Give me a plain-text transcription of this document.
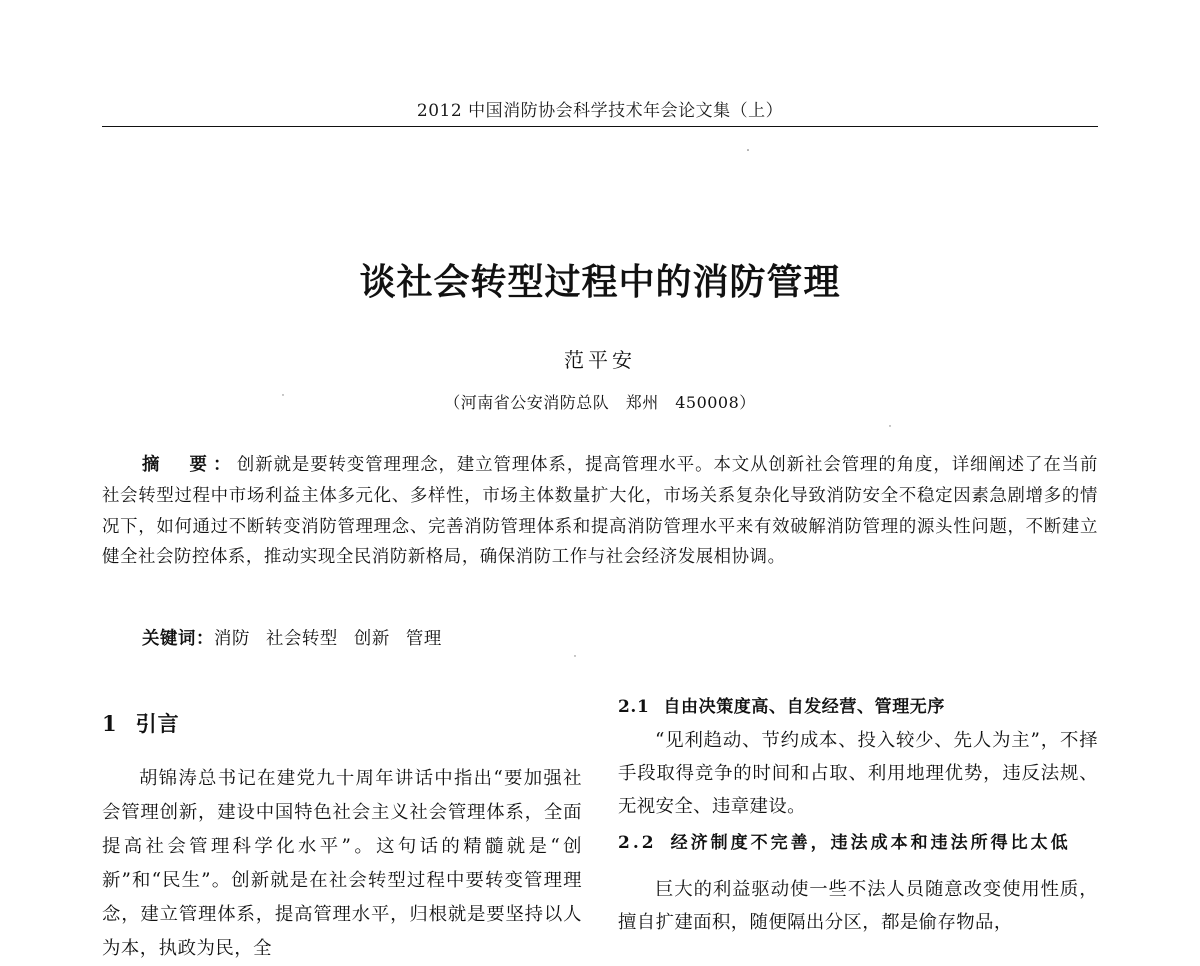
2012 中国消防协会科学技术年会论文集（上）
谈社会转型过程中的消防管理
范平安
（河南省公安消防总队　郑州　450008）
摘　要：创新就是要转变管理理念，建立管理体系，提高管理水平。本文从创新社会管理的角度，详细阐述了在当前社会转型过程中市场利益主体多元化、多样性，市场主体数量扩大化，市场关系复杂化导致消防安全不稳定因素急剧增多的情况下，如何通过不断转变消防管理理念、完善消防管理体系和提高消防管理水平来有效破解消防管理的源头性问题，不断建立健全社会防控体系，推动实现全民消防新格局，确保消防工作与社会经济发展相协调。
关键词：消防 社会转型 创新 管理
1 引言
胡锦涛总书记在建党九十周年讲话中指出“要加强社会管理创新，建设中国特色社会主义社会管理体系，全面提高社会管理科学化水平”。这句话的精髓就是“创新”和“民生”。创新就是在社会转型过程中要转变管理理念，建立管理体系，提高管理水平，归根就是要坚持以人为本，执政为民，全
2.1 自由决策度高、自发经营、管理无序
“见利趋动、节约成本、投入较少、先人为主”，不择手段取得竞争的时间和占取、利用地理优势，违反法规、无视安全、违章建设。
2.2 经济制度不完善，违法成本和违法所得比太低
巨大的利益驱动使一些不法人员随意改变使用性质，擅自扩建面积，随便隔出分区，都是偷存物品，
